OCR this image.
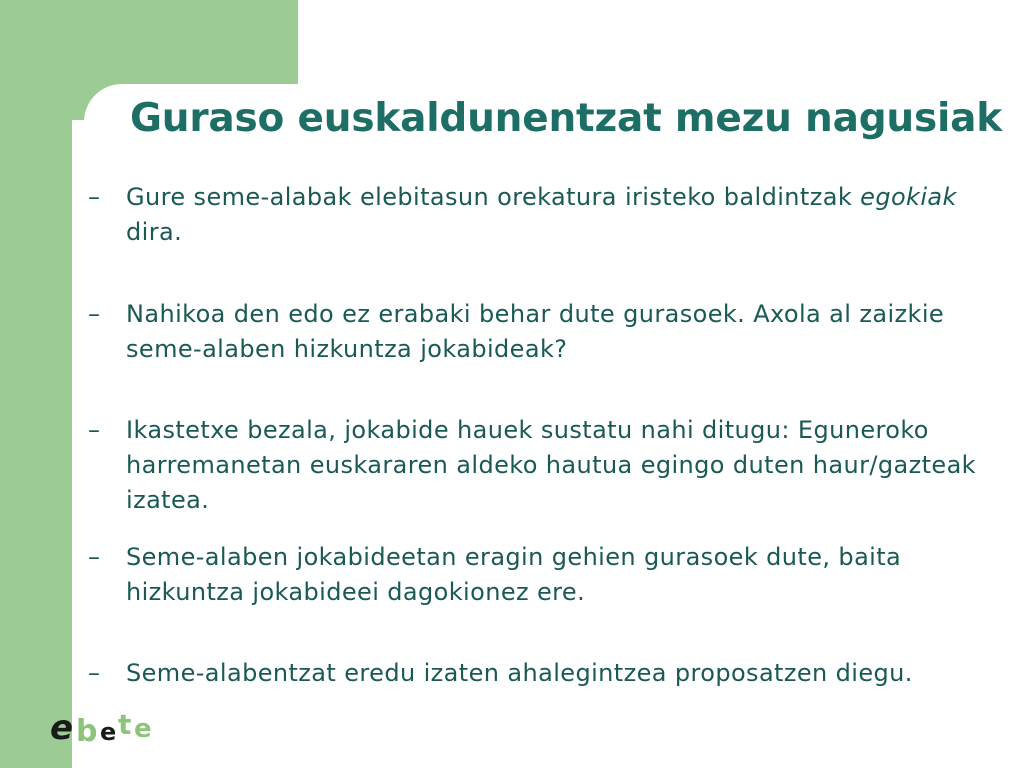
Guraso euskaldunentzat mezu nagusiak
– Gure seme-alabak elebitasun orekatura iristeko baldintzak egokiak dira.

– Nahikoa den edo ez erabaki behar dute gurasoek. Axola al zaizkie seme-alaben hizkuntza jokabideak?

– Ikastetxe bezala, jokabide hauek sustatu nahi ditugu: Eguneroko harremanetan euskararen aldeko hautua egingo duten haur/gazteak izatea.

– Seme-alaben jokabideetan eragin gehien gurasoek dute, baita hizkuntza jokabideei dagokionez ere.

– Seme-alabentzat eredu izaten ahalegintzea proposatzen diegu.

e b e t e
